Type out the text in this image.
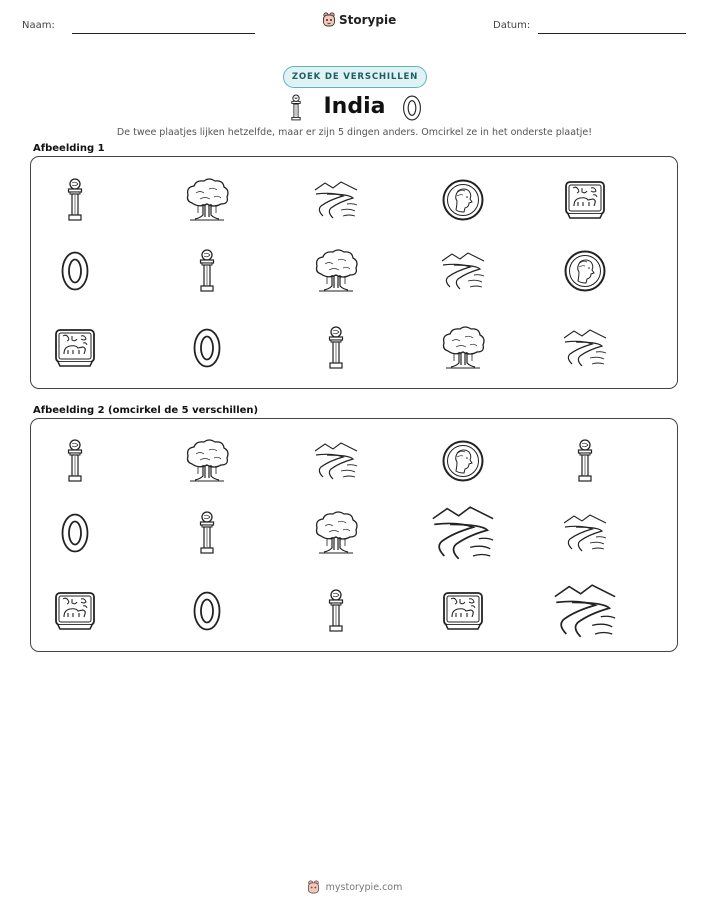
Naam:	Storypie	Datum:
ZOEK DE VERSCHILLEN
India
De twee plaatjes lijken hetzelfde, maar er zijn 5 dingen anders. Omcirkel ze in het onderste plaatje!
Afbeelding 1
Afbeelding 2 (omcirkel de 5 verschillen)
mystorypie.com
